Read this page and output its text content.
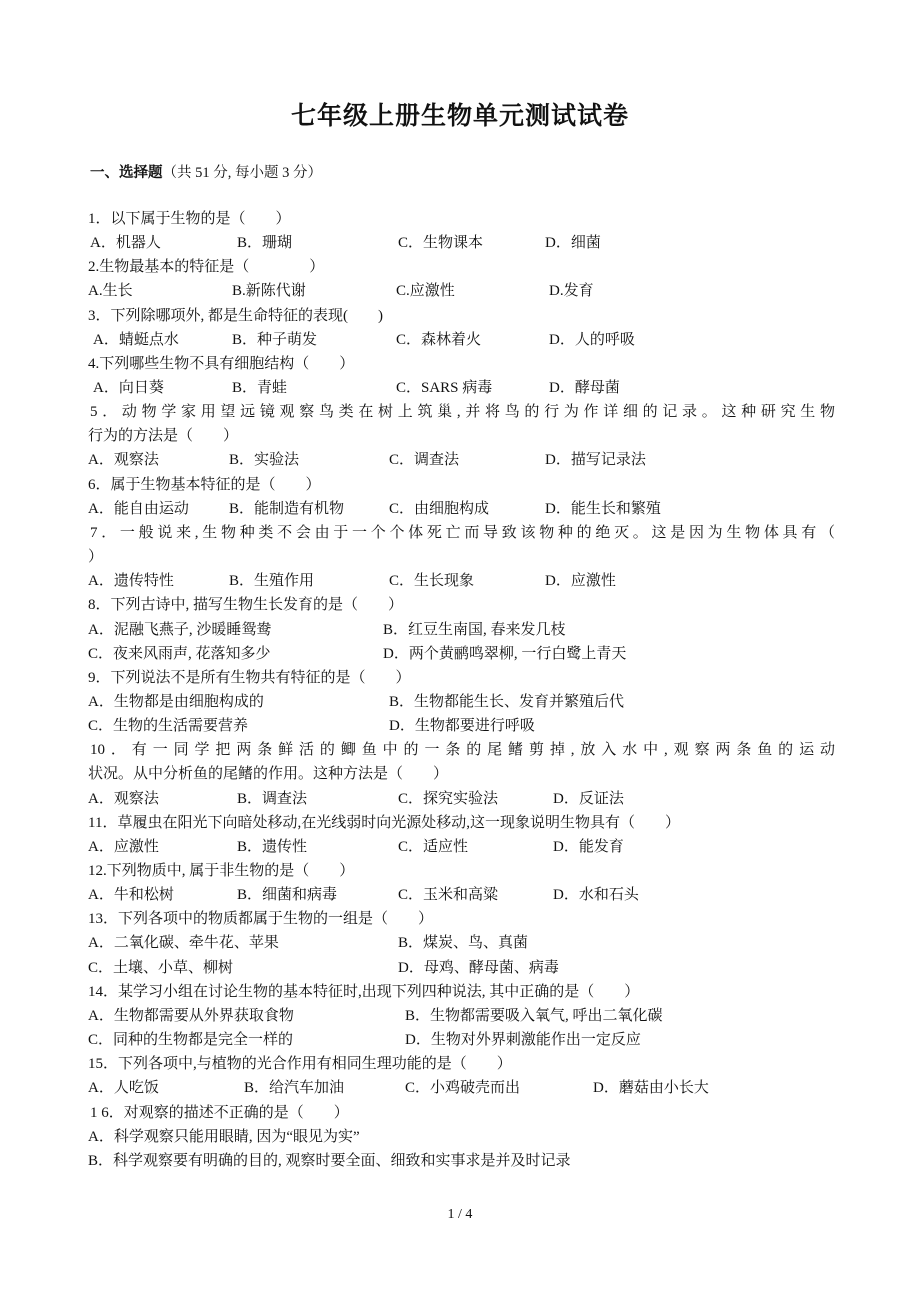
七年级上册生物单元测试试卷
一、选择题（共 51 分, 每小题 3 分）
1．以下属于生物的是（　　）
A．机器人	B．珊瑚	C．生物课本	D．细菌
2.生物最基本的特征是（　　　　）
A.生长	B.新陈代谢	C.应激性	D.发育
3．下列除哪项外, 都是生命特征的表现(　　)
A．蜻蜓点水	B．种子萌发	C．森林着火	D．人的呼吸
4.下列哪些生物不具有细胞结构（　　）
A．向日葵	B．青蛙	C．SARS 病毒	D．酵母菌
5．动物学家用望远镜观察鸟类在树上筑巢,并将鸟的行为作详细的记录。这种研究生物
行为的方法是（　　）
A．观察法	B．实验法	C．调查法	D．描写记录法
6．属于生物基本特征的是（　　）
A．能自由运动	B．能制造有机物	C．由细胞构成	D．能生长和繁殖
7．一般说来,生物种类不会由于一个个体死亡而导致该物种的绝灭。这是因为生物体具有（
）
A．遗传特性	B．生殖作用	C．生长现象	D．应激性
8．下列古诗中, 描写生物生长发育的是（　　）
A．泥融飞燕子, 沙暖睡鸳鸯	B．红豆生南国, 春来发几枝
C．夜来风雨声, 花落知多少	D．两个黄鹂鸣翠柳, 一行白鹭上青天
9．下列说法不是所有生物共有特征的是（　　）
A．生物都是由细胞构成的	B．生物都能生长、发育并繁殖后代
C．生物的生活需要营养	D．生物都要进行呼吸
10．有一同学把两条鲜活的鲫鱼中的一条的尾鳍剪掉,放入水中,观察两条鱼的运动
状况。从中分析鱼的尾鳍的作用。这种方法是（　　）
A．观察法	B．调查法	C．探究实验法	D．反证法
11．草履虫在阳光下向暗处移动,在光线弱时向光源处移动,这一现象说明生物具有（　　）
A．应激性	B．遗传性	C．适应性	D．能发育
12.下列物质中, 属于非生物的是（　　）
A．牛和松树	B．细菌和病毒	C．玉米和高粱	D．水和石头
13．下列各项中的物质都属于生物的一组是（　　）
A．二氧化碳、牵牛花、苹果	B．煤炭、鸟、真菌
C．土壤、小草、柳树	D．母鸡、酵母菌、病毒
14．某学习小组在讨论生物的基本特征时,出现下列四种说法, 其中正确的是（　　）
A．生物都需要从外界获取食物	B．生物都需要吸入氧气, 呼出二氧化碳
C．同种的生物都是完全一样的	D．生物对外界刺激能作出一定反应
15．下列各项中,与植物的光合作用有相同生理功能的是（　　）
A．人吃饭	B．给汽车加油	C．小鸡破壳而出	D．蘑菇由小长大
1 6．对观察的描述不正确的是（　　）
A．科学观察只能用眼睛, 因为“眼见为实”
B．科学观察要有明确的目的, 观察时要全面、细致和实事求是并及时记录
1 / 4
